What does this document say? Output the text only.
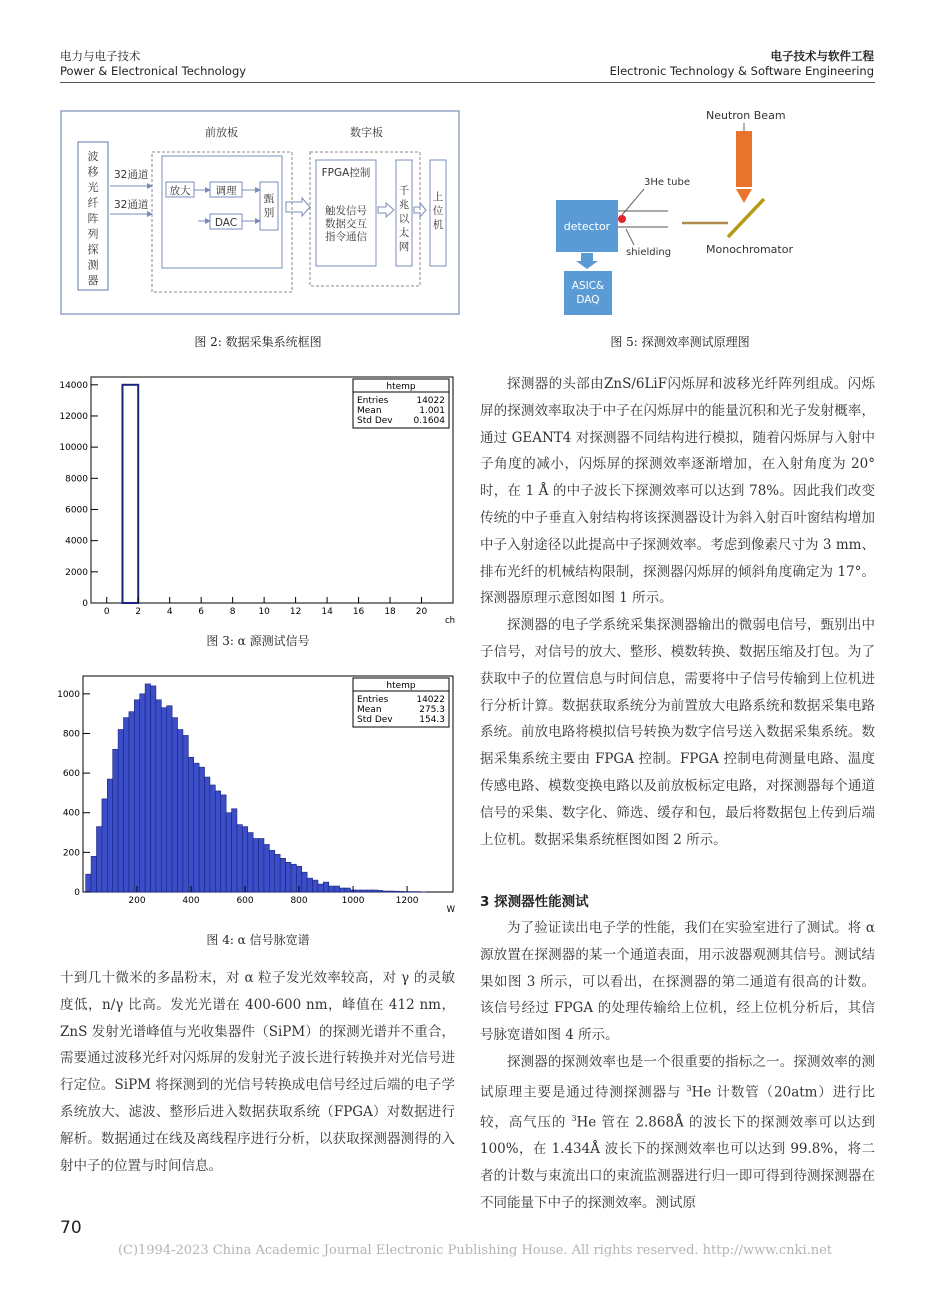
电力与电子技术
Power & Electronical Technology
电子技术与软件工程
Electronic Technology & Software Engineering
波
移
光
纤
阵
列
探
测
器
32通道
32通道
前放板
放大 调理
DAC
甄
别
数字板
FPGA控制
触发信号
数据交互
指令通信
千
兆
以
太
网
上
位
机
图 2: 数据采集系统框图
Neutron Beam
Monochromator
3He tube
detector
shielding
ASIC&
DAQ
图 5: 探测效率测试原理图
0
2000
4000
6000
8000
10000
12000
14000
0	2	4	6	8	10 12 14 16 18 20
ch
htemp
Entries	14022
Mean	1.001
Std Dev 0.1604
图 3: α 源测试信号
0
200
400
600
800
1000
200	400	600	800	1000	1200
W
htemp
Entries	14022
Mean	275.3
Std Dev	154.3
图 4: α 信号脉宽谱

十到几十微米的多晶粉末，对 α 粒子发光效率较高，对 γ 的灵敏度低，n/γ 比高。发光光谱在 400-600 nm，峰值在 412 nm，ZnS 发射光谱峰值与光收集器件（SiPM）的探测光谱并不重合，需要通过波移光纤对闪烁屏的发射光子波长进行转换并对光信号进行定位。SiPM 将探测到的光信号转换成电信号经过后端的电子学系统放大、滤波、整形后进入数据获取系统（FPGA）对数据进行解析。数据通过在线及离线程序进行分析，以获取探测器测得的入射中子的位置与时间信息。

探测器的头部由ZnS/6LiF闪烁屏和波移光纤阵列组成。闪烁屏的探测效率取决于中子在闪烁屏中的能量沉积和光子发射概率，通过 GEANT4 对探测器不同结构进行模拟，随着闪烁屏与入射中子角度的减小，闪烁屏的探测效率逐渐增加，在入射角度为 20° 时，在 1 Å 的中子波长下探测效率可以达到 78%。因此我们改变传统的中子垂直入射结构将该探测器设计为斜入射百叶窗结构增加中子入射途径以此提高中子探测效率。考虑到像素尺寸为 3 mm、排布光纤的机械结构限制，探测器闪烁屏的倾斜角度确定为 17°。探测器原理示意图如图 1 所示。

探测器的电子学系统采集探测器输出的微弱电信号，甄别出中子信号，对信号的放大、整形、模数转换、数据压缩及打包。为了获取中子的位置信息与时间信息，需要将中子信号传输到上位机进行分析计算。数据获取系统分为前置放大电路系统和数据采集电路系统。前放电路将模拟信号转换为数字信号送入数据采集系统。数据采集系统主要由 FPGA 控制。FPGA 控制电荷测量电路、温度传感电路、模数变换电路以及前放板标定电路，对探测器每个通道信号的采集、数字化、筛选、缓存和包，最后将数据包上传到后端上位机。数据采集系统框图如图 2 所示。

3 探测器性能测试

为了验证读出电子学的性能，我们在实验室进行了测试。将 α 源放置在探测器的某一个通道表面，用示波器观测其信号。测试结果如图 3 所示，可以看出，在探测器的第二通道有很高的计数。该信号经过 FPGA 的处理传输给上位机，经上位机分析后，其信号脉宽谱如图 4 所示。

探测器的探测效率也是一个很重要的指标之一。探测效率的测试原理主要是通过待测探测器与 $^3$He 计数管（20atm）进行比较，高气压的 $^3$He 管在 2.868Å 的波长下的探测效率可以达到 100%，在 1.434Å 波长下的探测效率也可以达到 99.8%，将二者的计数与束流出口的束流监测器进行归一即可得到待测探测器在不同能量下中子的探测效率。测试原

70
(C)1994-2023 China Academic Journal Electronic Publishing House. All rights reserved. http://www.cnki.net
